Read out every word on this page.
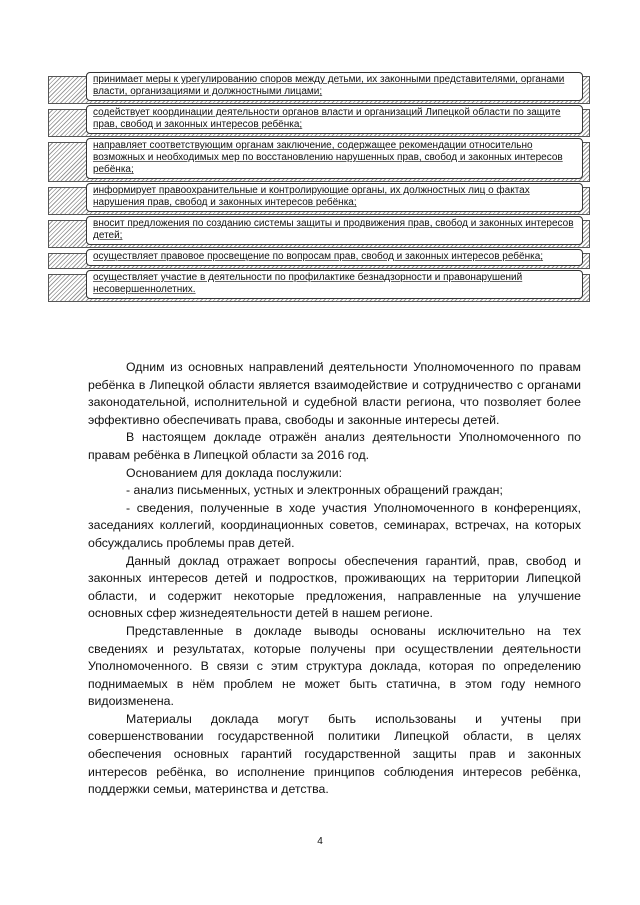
принимает меры к урегулированию споров между детьми, их законными представителями, органами власти, организациями и должностными лицами;
содействует координации деятельности органов власти и организаций Липецкой области по защите прав, свобод и законных интересов ребёнка;
направляет соответствующим органам заключение, содержащее рекомендации относительно возможных и необходимых мер по восстановлению нарушенных прав, свобод и законных интересов ребёнка;
информирует правоохранительные и контролирующие органы, их должностных лиц о фактах нарушения прав, свобод и законных интересов ребёнка;
вносит предложения по созданию системы защиты и продвижения прав, свобод и законных интересов детей;
осуществляет правовое просвещение по вопросам прав, свобод и законных интересов ребёнка;
осуществляет участие в деятельности по профилактике безнадзорности и правонарушений несовершеннолетних.

Одним из основных направлений деятельности Уполномоченного по правам ребёнка в Липецкой области является взаимодействие и сотрудничество с органами законодательной, исполнительной и судебной власти региона, что позволяет более эффективно обеспечивать права, свободы и законные интересы детей.

В настоящем докладе отражён анализ деятельности Уполномоченного по правам ребёнка в Липецкой области за 2016 год.

Основанием для доклада послужили:

- анализ письменных, устных и электронных обращений граждан;

- сведения, полученные в ходе участия Уполномоченного в конференциях, заседаниях коллегий, координационных советов, семинарах, встречах, на которых обсуждались проблемы прав детей.

Данный доклад отражает вопросы обеспечения гарантий, прав, свобод и законных интересов детей и подростков, проживающих на территории Липецкой области, и содержит некоторые предложения, направленные на улучшение основных сфер жизнедеятельности детей в нашем регионе.

Представленные в докладе выводы основаны исключительно на тех сведениях и результатах, которые получены при осуществлении деятельности Уполномоченного. В связи с этим структура доклада, которая по определению поднимаемых в нём проблем не может быть статична, в этом году немного видоизменена.

Материалы доклада могут быть использованы и учтены при совершенствовании государственной политики Липецкой области, в целях обеспечения основных гарантий государственной защиты прав и законных интересов ребёнка, во исполнение принципов соблюдения интересов ребёнка, поддержки семьи, материнства и детства.

4
